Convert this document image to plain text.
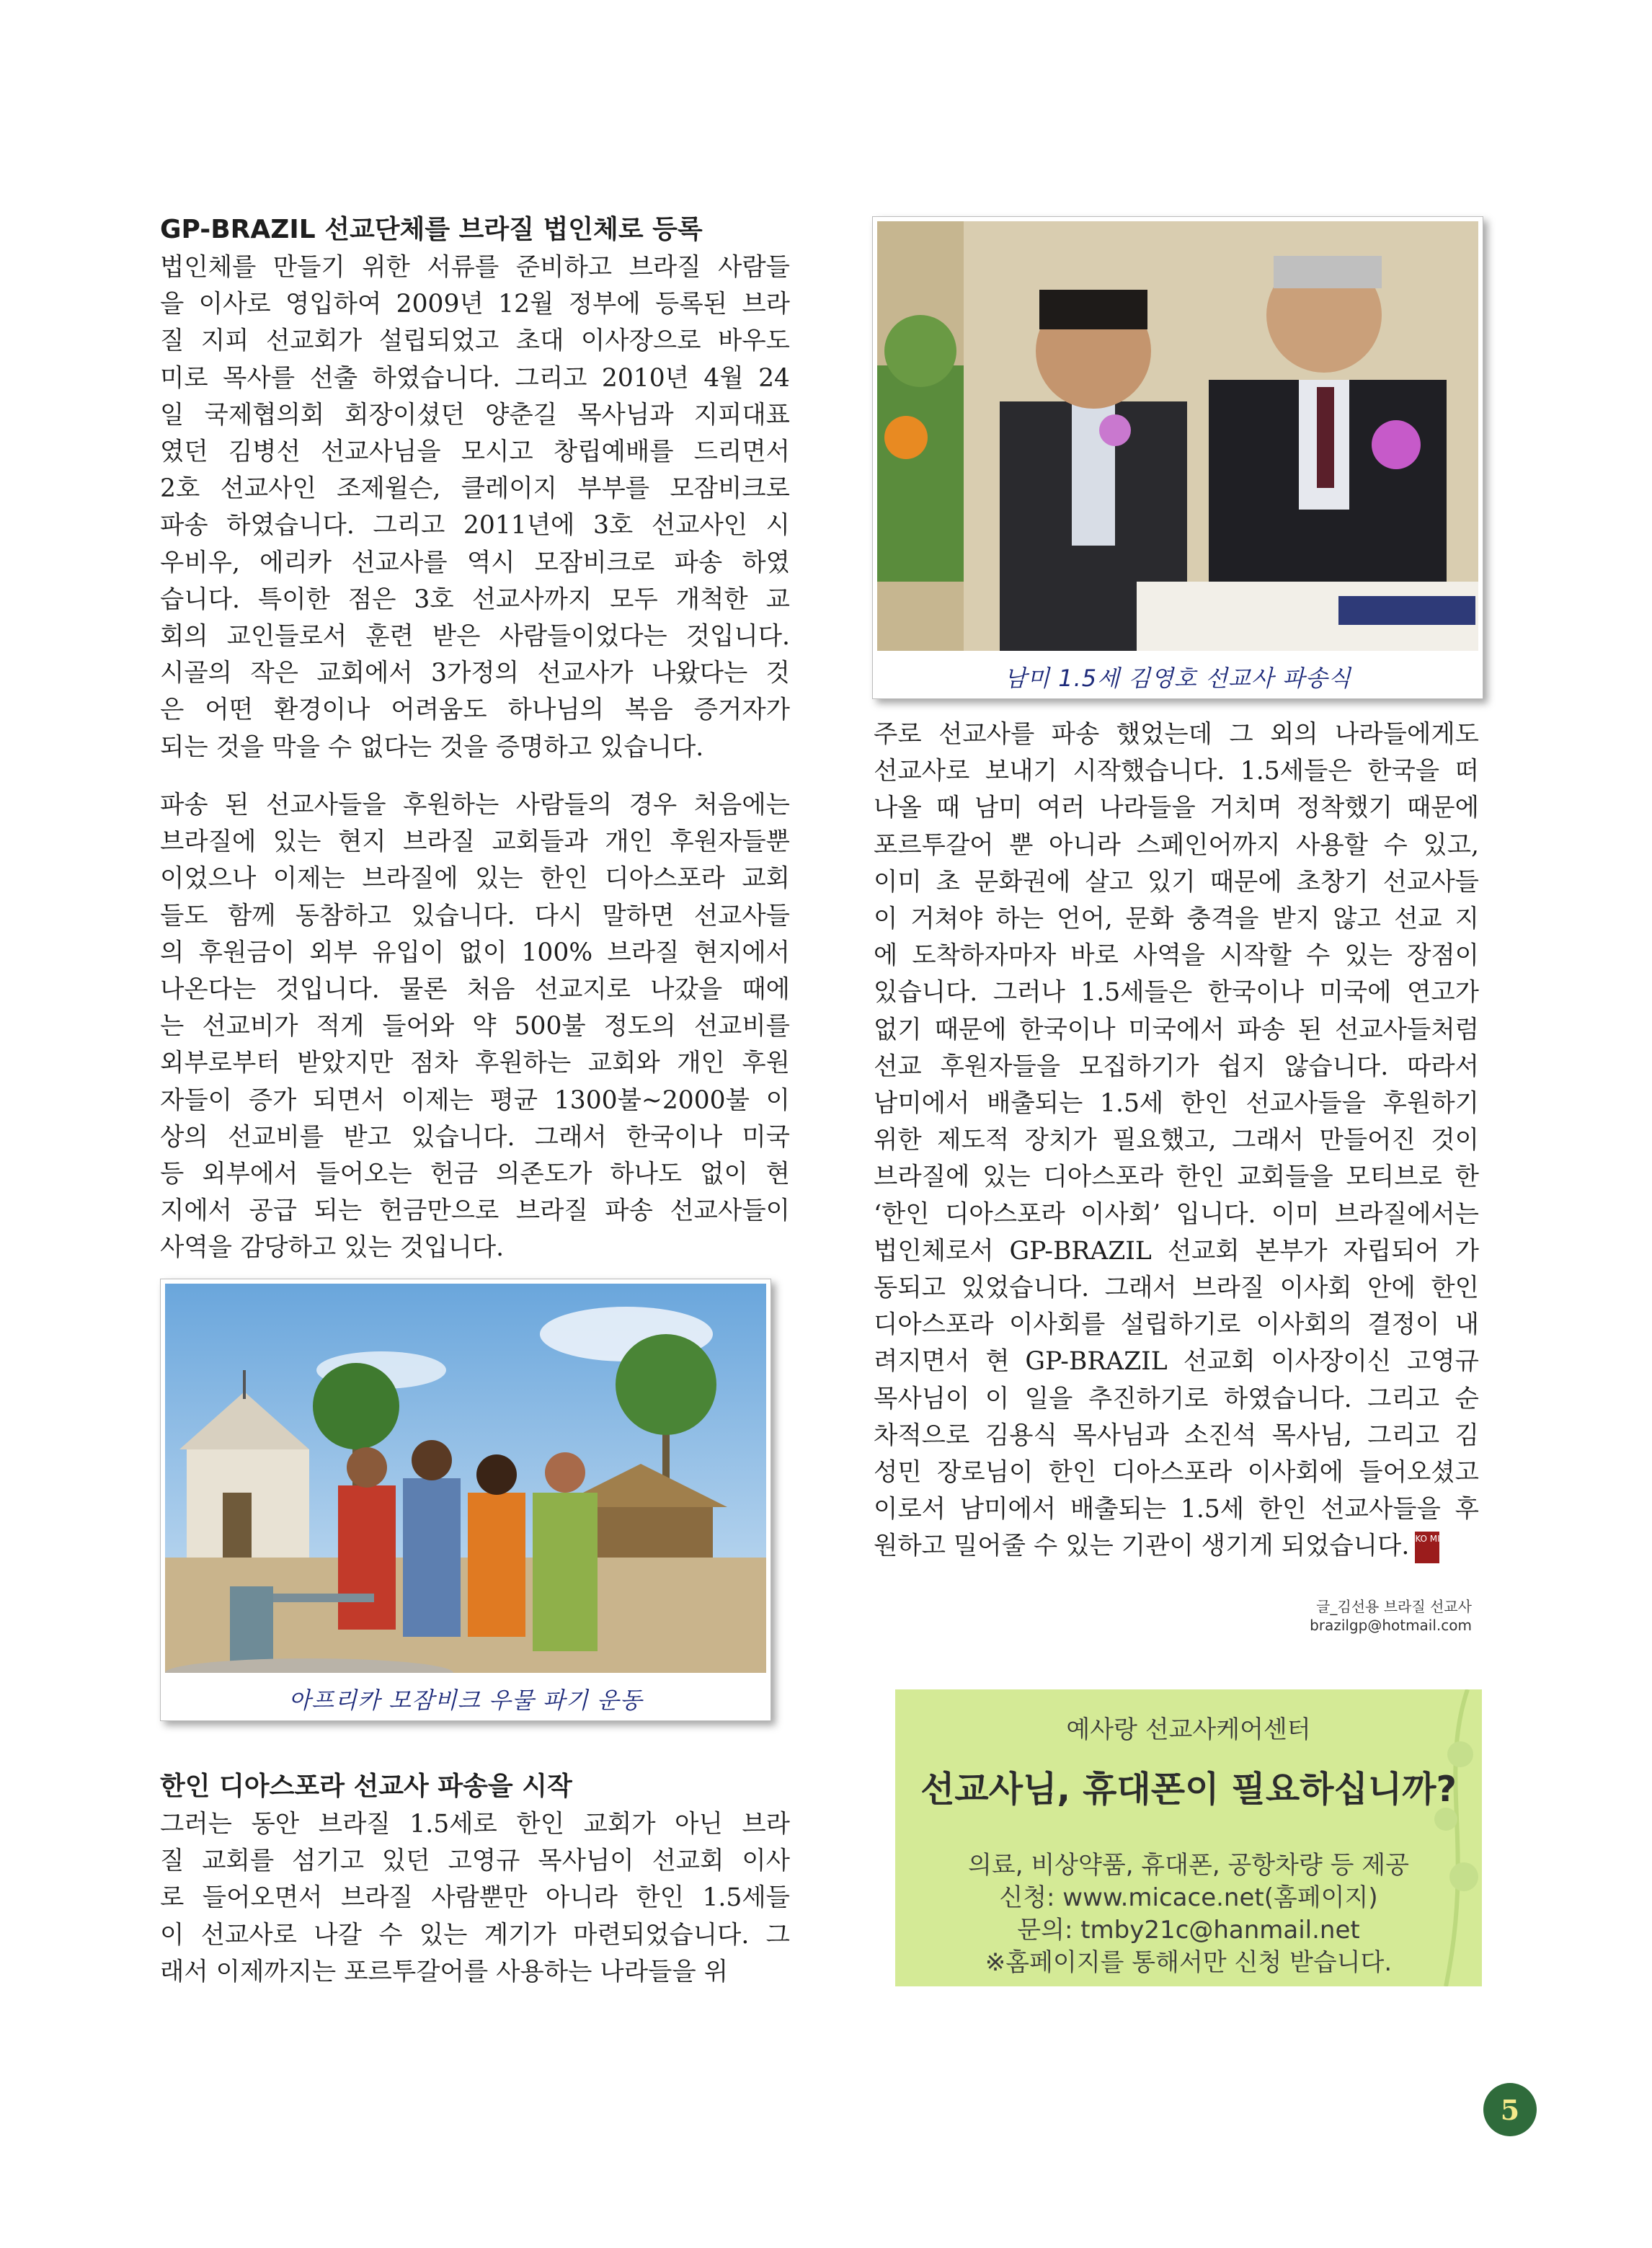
GP-BRAZIL 선교단체를 브라질 법인체로 등록
법인체를 만들기 위한 서류를 준비하고 브라질 사람들
을 이사로 영입하여 2009년 12월 정부에 등록된 브라
질 지피 선교회가 설립되었고 초대 이사장으로 바우도
미로 목사를 선출 하였습니다. 그리고 2010년 4월 24
일 국제협의회 회장이셨던 양춘길 목사님과 지피대표
였던 김병선 선교사님을 모시고 창립예배를 드리면서
2호 선교사인 조제윌슨, 클레이지 부부를 모잠비크로
파송 하였습니다. 그리고 2011년에 3호 선교사인 시
우비우, 에리카 선교사를 역시 모잠비크로 파송 하였
습니다. 특이한 점은 3호 선교사까지 모두 개척한 교
회의 교인들로서 훈련 받은 사람들이었다는 것입니다.
시골의 작은 교회에서 3가정의 선교사가 나왔다는 것
은 어떤 환경이나 어려움도 하나님의 복음 증거자가
되는 것을 막을 수 없다는 것을 증명하고 있습니다.
파송 된 선교사들을 후원하는 사람들의 경우 처음에는
브라질에 있는 현지 브라질 교회들과 개인 후원자들뿐
이었으나 이제는 브라질에 있는 한인 디아스포라 교회
들도 함께 동참하고 있습니다. 다시 말하면 선교사들
의 후원금이 외부 유입이 없이 100% 브라질 현지에서
나온다는 것입니다. 물론 처음 선교지로 나갔을 때에
는 선교비가 적게 들어와 약 500불 정도의 선교비를
외부로부터 받았지만 점차 후원하는 교회와 개인 후원
자들이 증가 되면서 이제는 평균 1300불~2000불 이
상의 선교비를 받고 있습니다. 그래서 한국이나 미국
등 외부에서 들어오는 헌금 의존도가 하나도 없이 현
지에서 공급 되는 헌금만으로 브라질 파송 선교사들이
사역을 감당하고 있는 것입니다.
아프리카 모잠비크 우물 파기 운동
한인 디아스포라 선교사 파송을 시작
그러는 동안 브라질 1.5세로 한인 교회가 아닌 브라
질 교회를 섬기고 있던 고영규 목사님이 선교회 이사
로 들어오면서 브라질 사람뿐만 아니라 한인 1.5세들
이 선교사로 나갈 수 있는 계기가 마련되었습니다. 그
래서 이제까지는 포르투갈어를 사용하는 나라들을 위
남미 1.5세 김영호 선교사 파송식
주로 선교사를 파송 했었는데 그 외의 나라들에게도
선교사로 보내기 시작했습니다. 1.5세들은 한국을 떠
나올 때 남미 여러 나라들을 거치며 정착했기 때문에
포르투갈어 뿐 아니라 스페인어까지 사용할 수 있고,
이미 초 문화권에 살고 있기 때문에 초창기 선교사들
이 거쳐야 하는 언어, 문화 충격을 받지 않고 선교 지
에 도착하자마자 바로 사역을 시작할 수 있는 장점이
있습니다. 그러나 1.5세들은 한국이나 미국에 연고가
없기 때문에 한국이나 미국에서 파송 된 선교사들처럼
선교 후원자들을 모집하기가 쉽지 않습니다. 따라서
남미에서 배출되는 1.5세 한인 선교사들을 후원하기
위한 제도적 장치가 필요했고, 그래서 만들어진 것이
브라질에 있는 디아스포라 한인 교회들을 모티브로 한
‘한인 디아스포라 이사회’ 입니다. 이미 브라질에서는
법인체로서 GP-BRAZIL 선교회 본부가 자립되어 가
동되고 있었습니다. 그래서 브라질 이사회 안에 한인
디아스포라 이사회를 설립하기로 이사회의 결정이 내
려지면서 현 GP-BRAZIL 선교회 이사장이신 고영규
목사님이 이 일을 추진하기로 하였습니다. 그리고 순
차적으로 김용식 목사님과 소진석 목사님, 그리고 김
성민 장로님이 한인 디아스포라 이사회에 들어오셨고
이로서 남미에서 배출되는 1.5세 한인 선교사들을 후
원하고 밀어줄 수 있는 기관이 생기게 되었습니다. KO MI
글_김선용 브라질 선교사
brazilgp@hotmail.com
예사랑 선교사케어센터
선교사님, 휴대폰이 필요하십니까?
의료, 비상약품, 휴대폰, 공항차량 등 제공
신청: www.micace.net(홈페이지)
문의: tmby21c@hanmail.net
※홈페이지를 통해서만 신청 받습니다.
5
